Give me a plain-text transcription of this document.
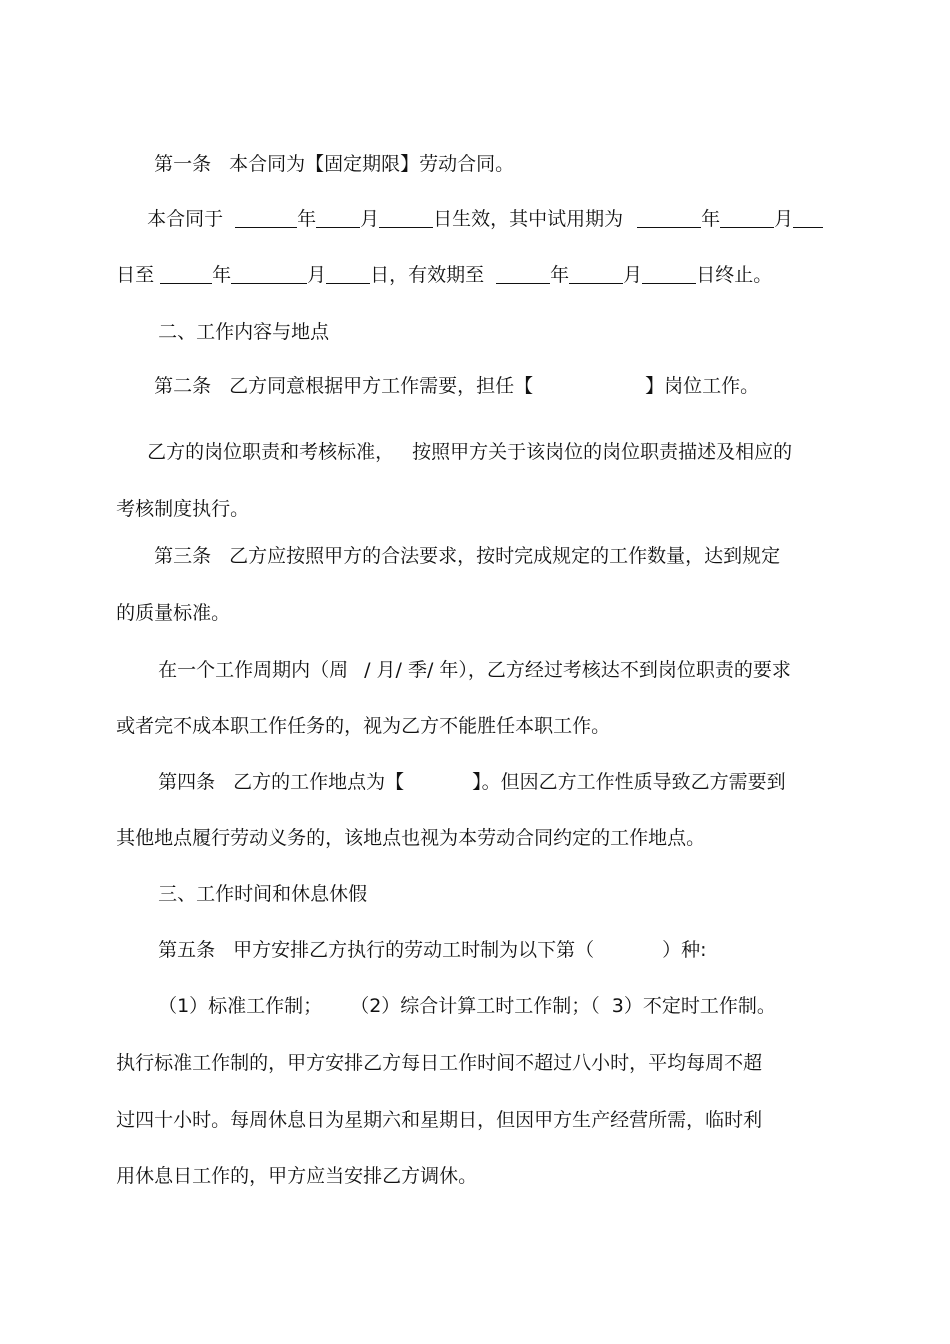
第一条 本合同为【固定期限】劳动合同。

本合同于	年 月	日生效，其中试用期为	年	月

日至	年	月 日，有效期至	年	月	日终止。

二、工作内容与地点

第二条 乙方同意根据甲方工作需要，担任【	】岗位工作。

乙方的岗位职责和考核标准， 按照甲方关于该岗位的岗位职责描述及相应的

考核制度执行。

第三条 乙方应按照甲方的合法要求，按时完成规定的工作数量，达到规定

的质量标准。

在一个工作周期内（周 / 月/ 季/ 年），乙方经过考核达不到岗位职责的要求

或者完不成本职工作任务的，视为乙方不能胜任本职工作。

第四条 乙方的工作地点为【	】。但因乙方工作性质导致乙方需要到

其他地点履行劳动义务的，该地点也视为本劳动合同约定的工作地点。

三、工作时间和休息休假

第五条 甲方安排乙方执行的劳动工时制为以下第（	）种:

（1）标准工作制； （2）综合计算工时工作制；（ 3）不定时工作制。

执行标准工作制的，甲方安排乙方每日工作时间不超过八小时，平均每周不超

过四十小时。每周休息日为星期六和星期日，但因甲方生产经营所需，临时利

用休息日工作的，甲方应当安排乙方调休。
